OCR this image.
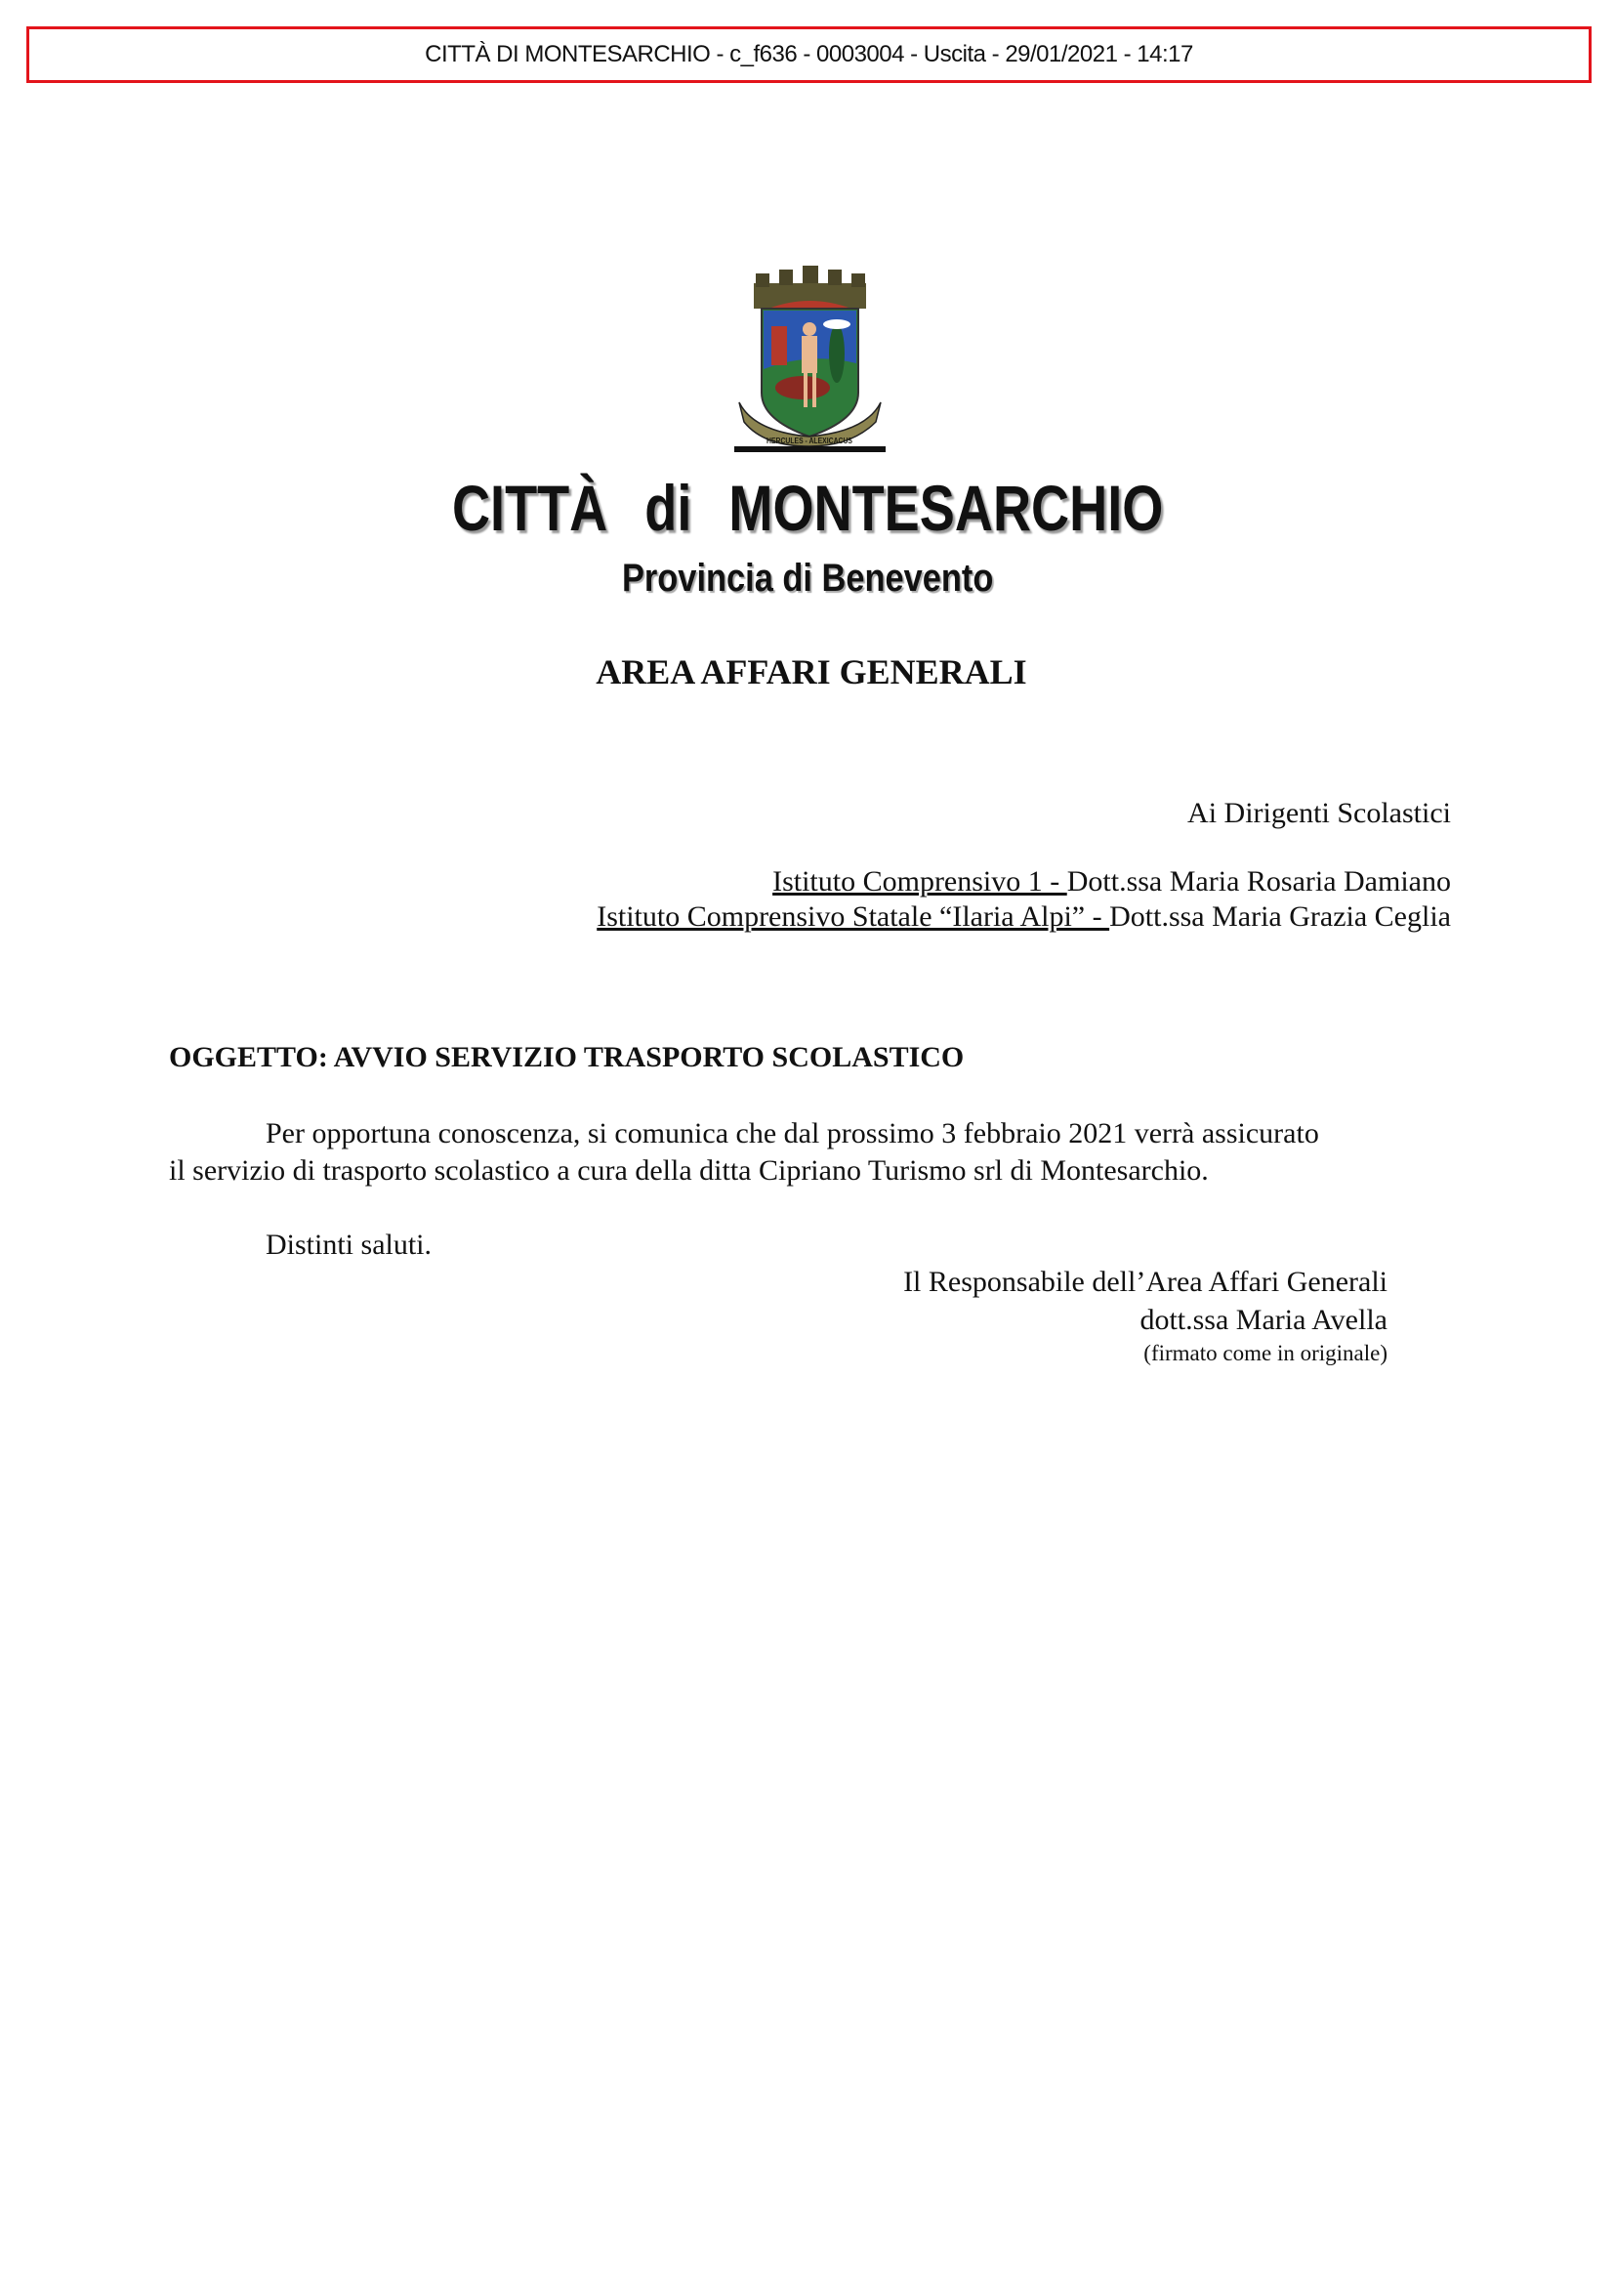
CITTÀ DI MONTESARCHIO - c_f636 - 0003004 - Uscita - 29/01/2021 - 14:17
HERCULES - ALEXICACUS
CITTÀ di MONTESARCHIO
Provincia di Benevento
AREA AFFARI GENERALI
Ai Dirigenti Scolastici
Istituto Comprensivo 1 - Dott.ssa Maria Rosaria Damiano
Istituto Comprensivo Statale “Ilaria Alpi” - Dott.ssa Maria Grazia Ceglia
OGGETTO: AVVIO SERVIZIO TRASPORTO SCOLASTICO
Per opportuna conoscenza, si comunica che dal prossimo 3 febbraio 2021 verrà assicurato
il servizio di trasporto scolastico a cura della ditta Cipriano Turismo srl di Montesarchio.
Distinti saluti.
Il Responsabile dell’Area Affari Generali
dott.ssa Maria Avella
(firmato come in originale)
